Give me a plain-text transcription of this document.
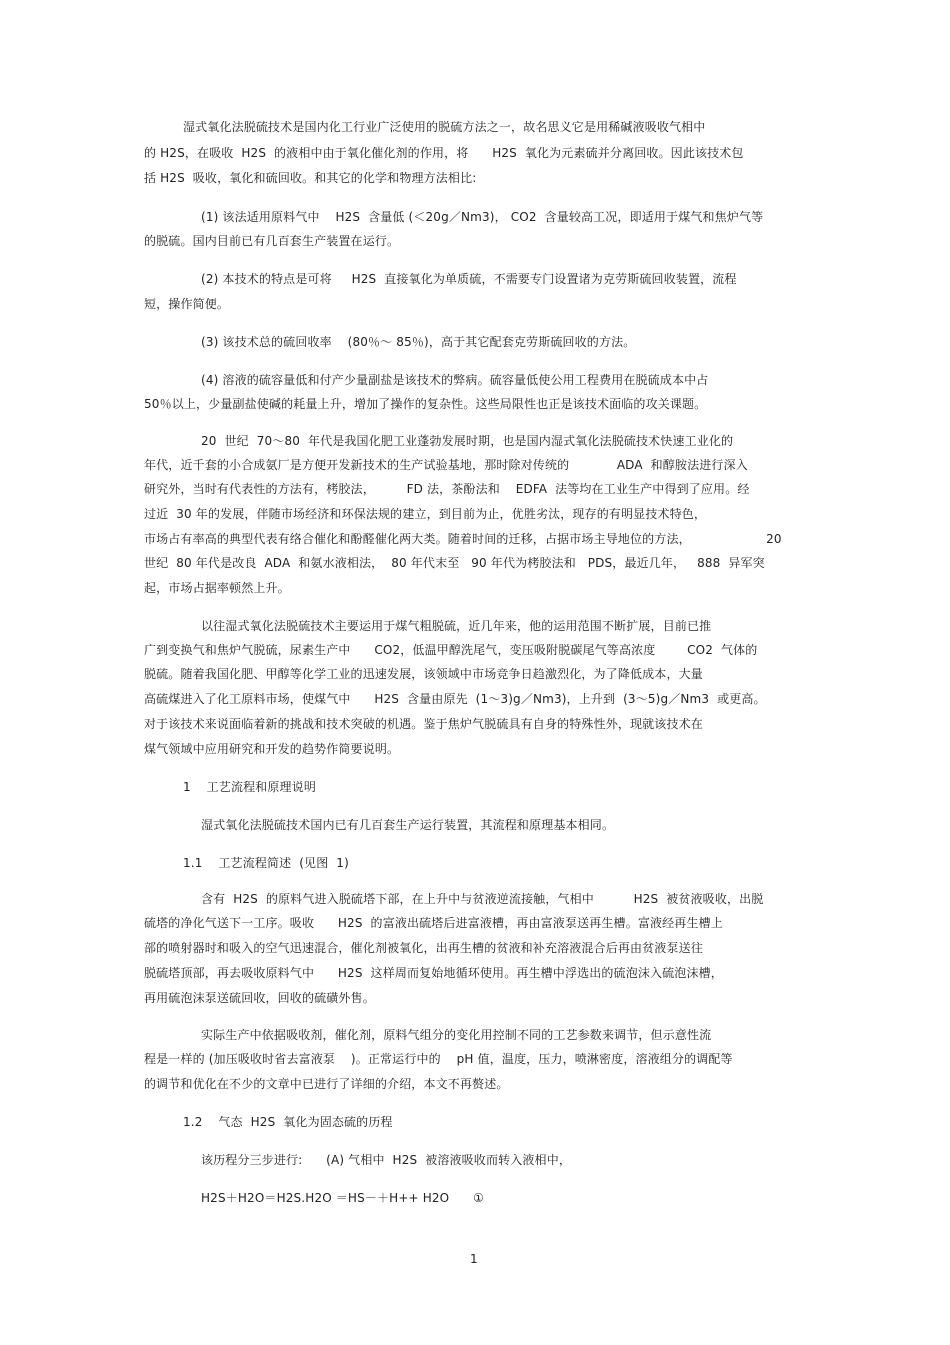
湿式氧化法脱硫技术是国内化工行业广泛使用的脱硫方法之一，故名思义它是用稀碱液吸收气相中
的 H2S，在吸收  H2S  的液相中由于氧化催化剂的作用，将      H2S  氧化为元素硫并分离回收。因此该技术包
括 H2S  吸收，氧化和硫回收。和其它的化学和物理方法相比:
(1) 该法适用原料气中    H2S  含量低 (＜20g／Nm3)， CO2  含量较高工况，即适用于煤气和焦炉气等
的脱硫。国内目前已有几百套生产装置在运行。
(2) 本技术的特点是可将     H2S  直接氧化为单质硫，不需要专门设置诸为克劳斯硫回收装置，流程
短，操作简便。
(3) 该技术总的硫回收率    (80％～ 85％)，高于其它配套克劳斯硫回收的方法。
(4) 溶液的硫容量低和付产少量副盐是该技术的弊病。硫容量低使公用工程费用在脱硫成本中占
50％以上，少量副盐使碱的耗量上升，增加了操作的复杂性。这些局限性也正是该技术面临的攻关课题。
20  世纪  70～80  年代是我国化肥工业蓬勃发展时期，也是国内湿式氧化法脱硫技术快速工业化的
年代，近千套的小合成氨厂是方便开发新技术的生产试验基地，那时除对传统的            ADA  和醇胺法进行深入
研究外，当时有代表性的方法有，栲胶法，        FD 法，茶酚法和    EDFA  法等均在工业生产中得到了应用。经
过近  30 年的发展，伴随市场经济和环保法规的建立，到目前为止，优胜劣汰，现存的有明显技术特色，
市场占有率高的典型代表有络合催化和酚醛催化两大类。随着时间的迁移，占据市场主导地位的方法，                   20
世纪  80 年代是改良  ADA  和氨水液相法，  80 年代末至   90 年代为栲胶法和   PDS，最近几年，   888  异军突
起，市场占据率顿然上升。
以往湿式氧化法脱硫技术主要运用于煤气粗脱硫，近几年来，他的运用范围不断扩展，目前已推
广到变换气和焦炉气脱硫，尿素生产中      CO2，低温甲醇洗尾气，变压吸附脱碳尾气等高浓度        CO2  气体的
脱硫。随着我国化肥、甲醇等化学工业的迅速发展，该领域中市场竞争日趋激烈化，为了降低成本，大量
高硫煤进入了化工原料市场，使煤气中      H2S  含量由原先  (1～3)g／Nm3)，上升到  (3～5)g／Nm3  或更高。
对于该技术来说面临着新的挑战和技术突破的机遇。鉴于焦炉气脱硫具有自身的特殊性外，现就该技术在
煤气领域中应用研究和开发的趋势作简要说明。
1    工艺流程和原理说明
湿式氧化法脱硫技术国内已有几百套生产运行装置，其流程和原理基本相同。
1.1    工艺流程简述  (见图  1)
含有  H2S  的原料气进入脱硫塔下部，在上升中与贫液逆流接触，气相中          H2S  被贫液吸收，出脱
硫塔的净化气送下一工序。吸收      H2S  的富液出硫塔后进富液槽，再由富液泵送再生槽。富液经再生槽上
部的喷射器时和吸入的空气迅速混合，催化剂被氧化，出再生槽的贫液和补充溶液混合后再由贫液泵送往
脱硫塔顶部，再去吸收原料气中      H2S  这样周而复始地循环使用。再生槽中浮选出的硫泡沫入硫泡沫槽，
再用硫泡沫泵送硫回收，回收的硫磺外售。
实际生产中依据吸收剂，催化剂，原料气组分的变化用控制不同的工艺参数来调节，但示意性流
程是一样的 (加压吸收时省去富液泵    )。正常运行中的    pH 值，温度，压力，喷淋密度，溶液组分的调配等
的调节和优化在不少的文章中已进行了详细的介绍，本文不再赘述。
1.2    气态  H2S  氧化为固态硫的历程
该历程分三步进行:      (A) 气相中  H2S  被溶液吸收而转入液相中，
H2S＋H2O＝H2S.H2O ＝HS－＋H++ H2O      ①
1
